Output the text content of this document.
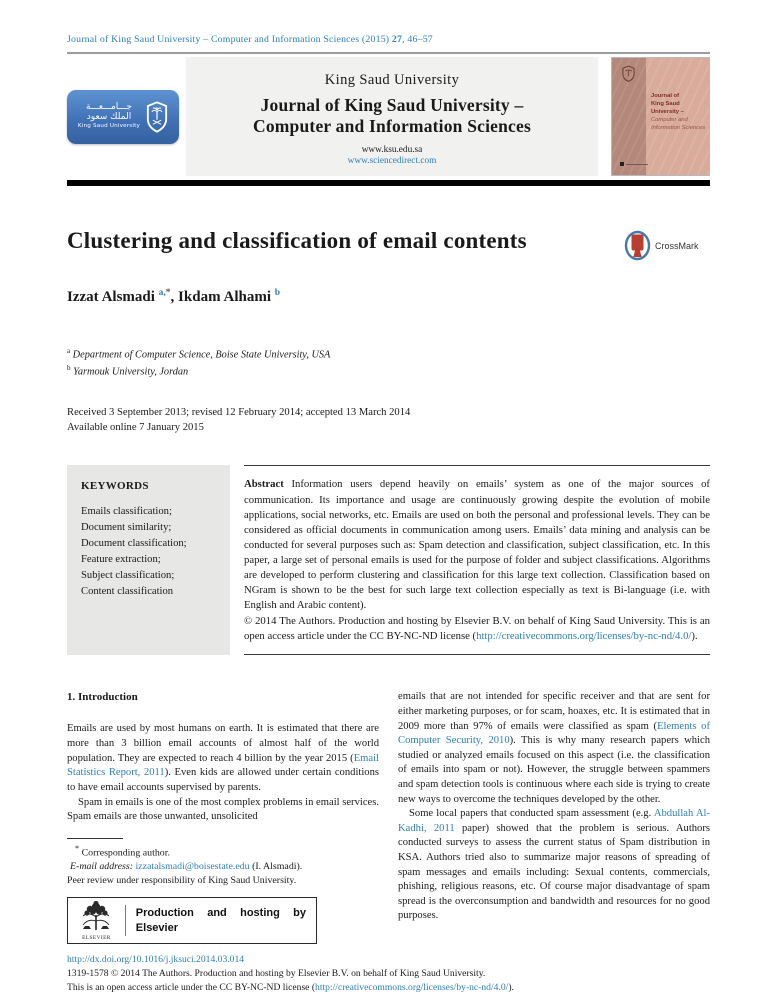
Journal of King Saud University – Computer and Information Sciences (2015) 27, 46–57
جـــامـــعـــة
الملك سعود
King Saud University
King Saud University
Journal of King Saud University –
Computer and Information Sciences
www.ksu.edu.sa
www.sciencedirect.com
Journal of
King Saud University –
Computer and
Information Sciences
Clustering and classification of email contents	CrossMark
Izzat Alsmadi $^{a,*}$, Ikdam Alhami $^b$
$^a$ Department of Computer Science, Boise State University, USA
$^b$ Yarmouk University, Jordan
Received 3 September 2013; revised 12 February 2014; accepted 13 March 2014
Available online 7 January 2015
KEYWORDS
Emails classification;
Document similarity;
Document classification;
Feature extraction;
Subject classification;
Content classification
Abstract Information users depend heavily on emails’ system as one of the major sources of communication. Its importance and usage are continuously growing despite the evolution of mobile applications, social networks, etc. Emails are used on both the personal and professional levels. They can be considered as official documents in communication among users. Emails’ data mining and analysis can be conducted for several purposes such as: Spam detection and classification, subject classification, etc. In this paper, a large set of personal emails is used for the purpose of folder and subject classifications. Algorithms are developed to perform clustering and classification for this large text collection. Classification based on NGram is shown to be the best for such large text collection especially as text is Bi-language (i.e. with English and Arabic content).
© 2014 The Authors. Production and hosting by Elsevier B.V. on behalf of King Saud University. This is an open access article under the CC BY-NC-ND license (http://creativecommons.org/licenses/by-nc-nd/4.0/).
1. Introduction

Emails are used by most humans on earth. It is estimated that there are more than 3 billion email accounts of almost half of the world population. They are expected to reach 4 billion by the year 2015 (Email Statistics Report, 2011). Even kids are allowed under certain conditions to have email accounts supervised by parents.

Spam in emails is one of the most complex problems in email services. Spam emails are those unwanted, unsolicited

* Corresponding author.
E-mail address: izzatalsmadi@boisestate.edu (I. Alsmadi).
Peer review under responsibility of King Saud University.
ELSEVIER
Production and hosting by Elsevier

emails that are not intended for specific receiver and that are sent for either marketing purposes, or for scam, hoaxes, etc. It is estimated that in 2009 more than 97% of emails were classified as spam (Elements of Computer Security, 2010). This is why many research papers which studied or analyzed emails focused on this aspect (i.e. the classification of emails into spam or not). However, the struggle between spammers and spam detection tools is continuous where each side is trying to create new ways to overcome the techniques developed by the other.

Some local papers that conducted spam assessment (e.g. Abdullah Al-Kadhi, 2011 paper) showed that the problem is serious. Authors conducted surveys to assess the current status of Spam distribution in KSA. Authors tried also to summarize major reasons of spreading of spam messages and emails including: Sexual contents, commercials, phishing, religious reasons, etc. Of course major disadvantage of spam spread is the overconsumption and bandwidth and resources for no good purposes.

http://dx.doi.org/10.1016/j.jksuci.2014.03.014
1319-1578 © 2014 The Authors. Production and hosting by Elsevier B.V. on behalf of King Saud University.
This is an open access article under the CC BY-NC-ND license (http://creativecommons.org/licenses/by-nc-nd/4.0/).
